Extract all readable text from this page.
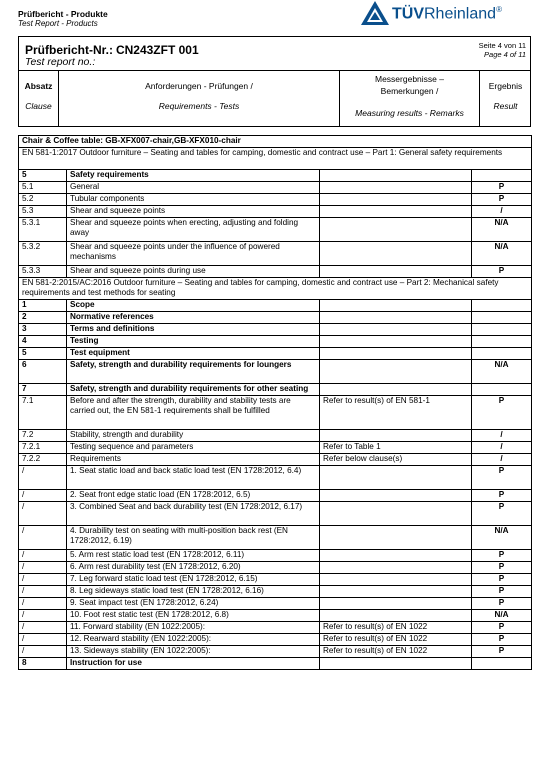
Prüfbericht - Produkte
Test Report - Products
TÜVRheinland®
Prüfbericht-Nr.: CN243ZFT 001
Test report no.:
Seite 4 von 11
Page 4 of 11
Absatz
Clause
Anforderungen - Prüfungen /
Requirements - Tests
Messergebnisse –
Bemerkungen /
Measuring results - Remarks
Ergebnis
Result
Chair & Coffee table: GB-XFX007-chair,GB-XFX010-chair			
EN 581-1:2017 Outdoor furniture – Seating and tables for camping, domestic and contract use – Part 1: General safety requirements			
5	Safety requirements		
5.1	General		P
5.2	Tubular components		P
5.3	Shear and squeeze points		/
5.3.1	Shear and squeeze points when erecting, adjusting and folding away		N/A
5.3.2	Shear and squeeze points under the influence of powered mechanisms		N/A
5.3.3	Shear and squeeze points during use		P
EN 581-2:2015/AC:2016 Outdoor furniture – Seating and tables for camping, domestic and contract use – Part 2: Mechanical safety requirements and test methods for seating			
1	Scope		
2	Normative references		
3	Terms and definitions		
4	Testing		
5	Test equipment		
6	Safety, strength and durability requirements for loungers		N/A
7	Safety, strength and durability requirements for other seating		
7.1	Before and after the strength, durability and stability tests are carried out, the EN 581-1 requirements shall be fulfilled	Refer to result(s) of EN 581-1	P
7.2	Stability, strength and durability		/
7.2.1	Testing sequence and parameters	Refer to Table 1	/
7.2.2	Requirements	Refer below clause(s)	/
/	1. Seat static load and back static load test (EN 1728:2012, 6.4)		P
/	2. Seat front edge static load (EN 1728:2012, 6.5)		P
/	3. Combined Seat and back durability test (EN 1728:2012, 6.17)		P
/	4. Durability test on seating with multi-position back rest (EN 1728:2012, 6.19)		N/A
/	5. Arm rest static load test (EN 1728:2012, 6.11)		P
/	6. Arm rest durability test (EN 1728:2012, 6.20)		P
/	7. Leg forward static load test (EN 1728:2012, 6.15)		P
/	8. Leg sideways static load test (EN 1728:2012, 6.16)		P
/	9. Seat impact test (EN 1728:2012, 6.24)		P
/	10. Foot rest static test (EN 1728:2012, 6.8)		N/A
/	11. Forward stability (EN 1022:2005):	Refer to result(s) of EN 1022	P
/	12. Rearward stability (EN 1022:2005):	Refer to result(s) of EN 1022	P
/	13. Sideways stability (EN 1022:2005):	Refer to result(s) of EN 1022	P
8	Instruction for use		
